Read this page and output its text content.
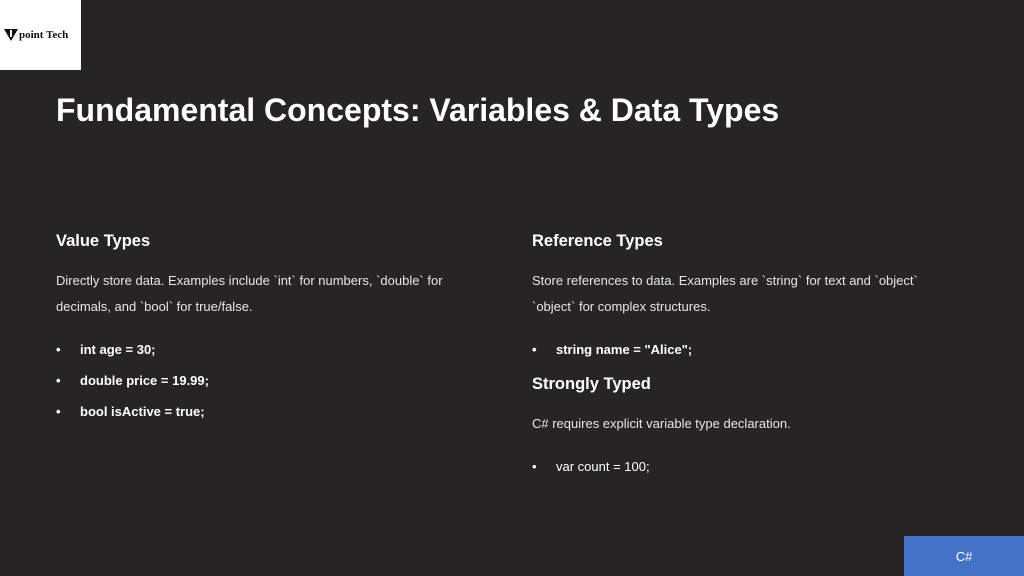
point Tech
Fundamental Concepts: Variables & Data Types
Value Types

Directly store data. Examples include `int` for numbers, `double` for
decimals, and `bool` for true/false.

• int age = 30;
• double price = 19.99;
• bool isActive = true;
Reference Types

Store references to data. Examples are `string` for text and `object`
`object` for complex structures.

• string name = "Alice";
Strongly Typed

C# requires explicit variable type declaration.

• var count = 100;
C#
